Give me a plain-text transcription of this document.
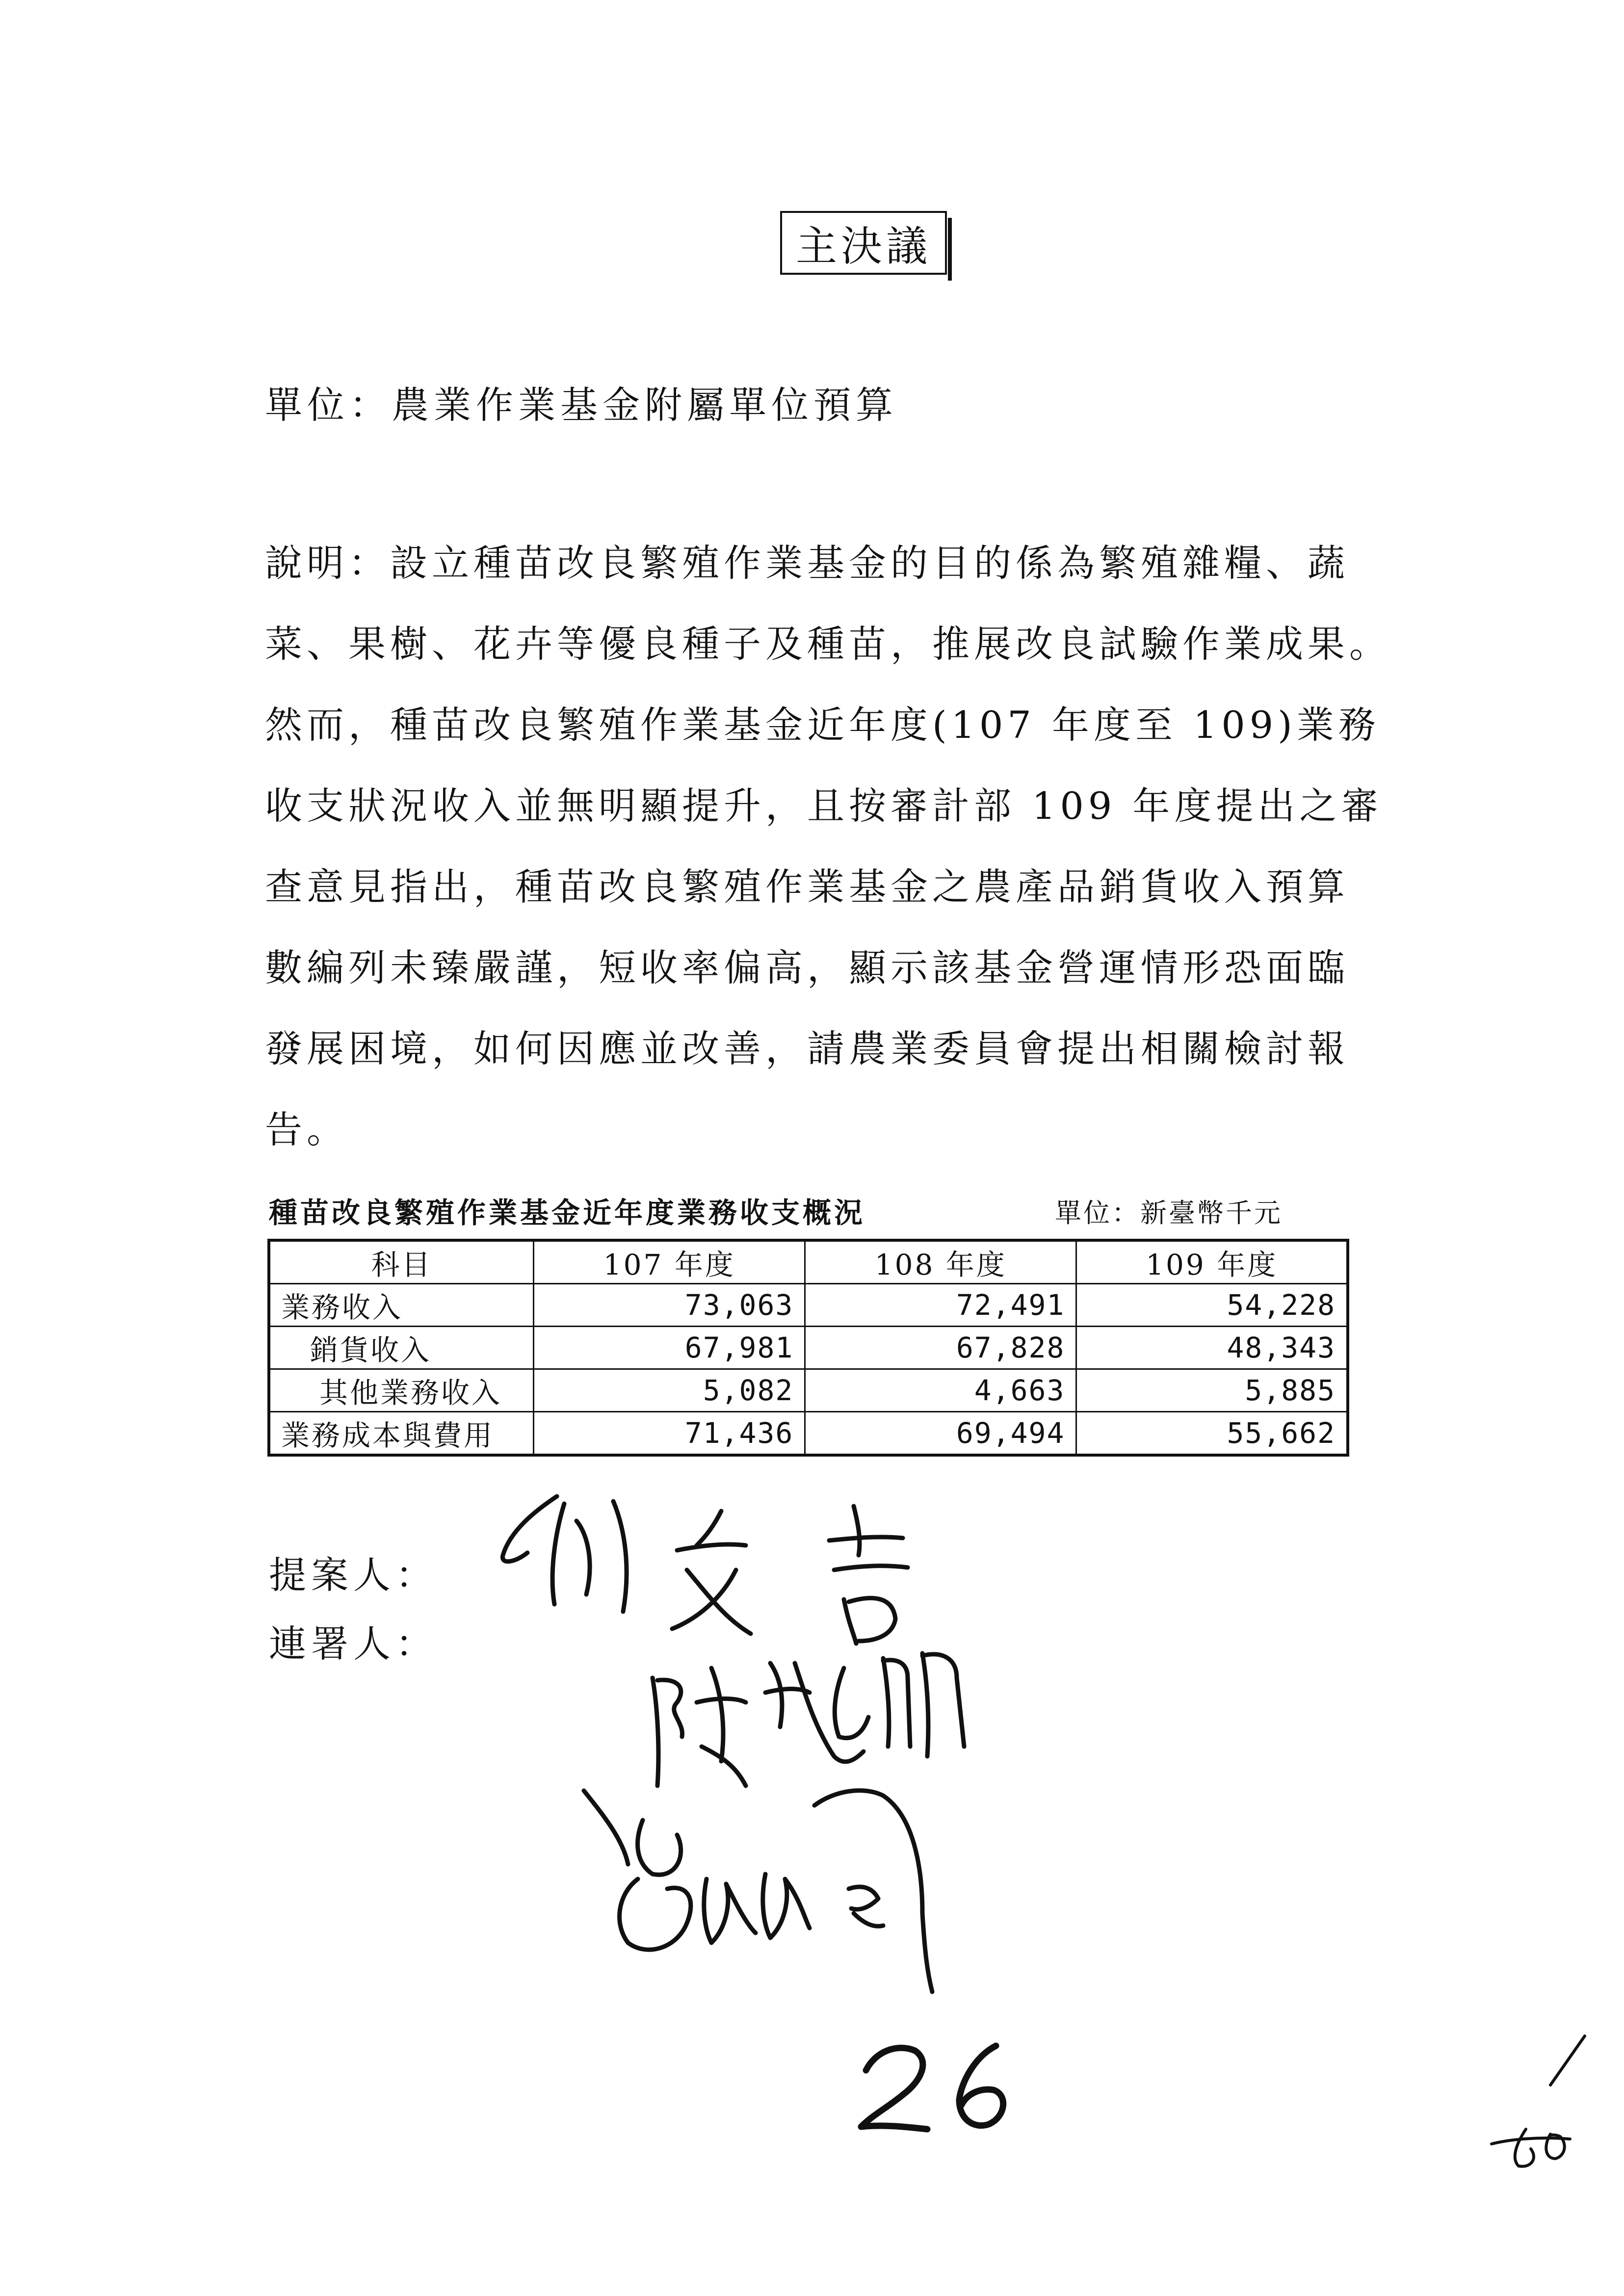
主決議
單位：農業作業基金附屬單位預算
說明：設立種苗改良繁殖作業基金的目的係為繁殖雜糧、蔬
菜、果樹、花卉等優良種子及種苗，推展改良試驗作業成果。
然而，種苗改良繁殖作業基金近年度(107 年度至 109)業務
收支狀況收入並無明顯提升，且按審計部 109 年度提出之審
查意見指出，種苗改良繁殖作業基金之農產品銷貨收入預算
數編列未臻嚴謹，短收率偏高，顯示該基金營運情形恐面臨
發展困境，如何因應並改善，請農業委員會提出相關檢討報
告。
種苗改良繁殖作業基金近年度業務收支概況	單位：新臺幣千元
科目	107 年度	108 年度	109 年度
業務收入	73,063	72,491	54,228
銷貨收入	67,981	67,828	48,343
其他業務收入	5,082	4,663	5,885
業務成本與費用	71,436	69,494	55,662
提案人：
連署人：
